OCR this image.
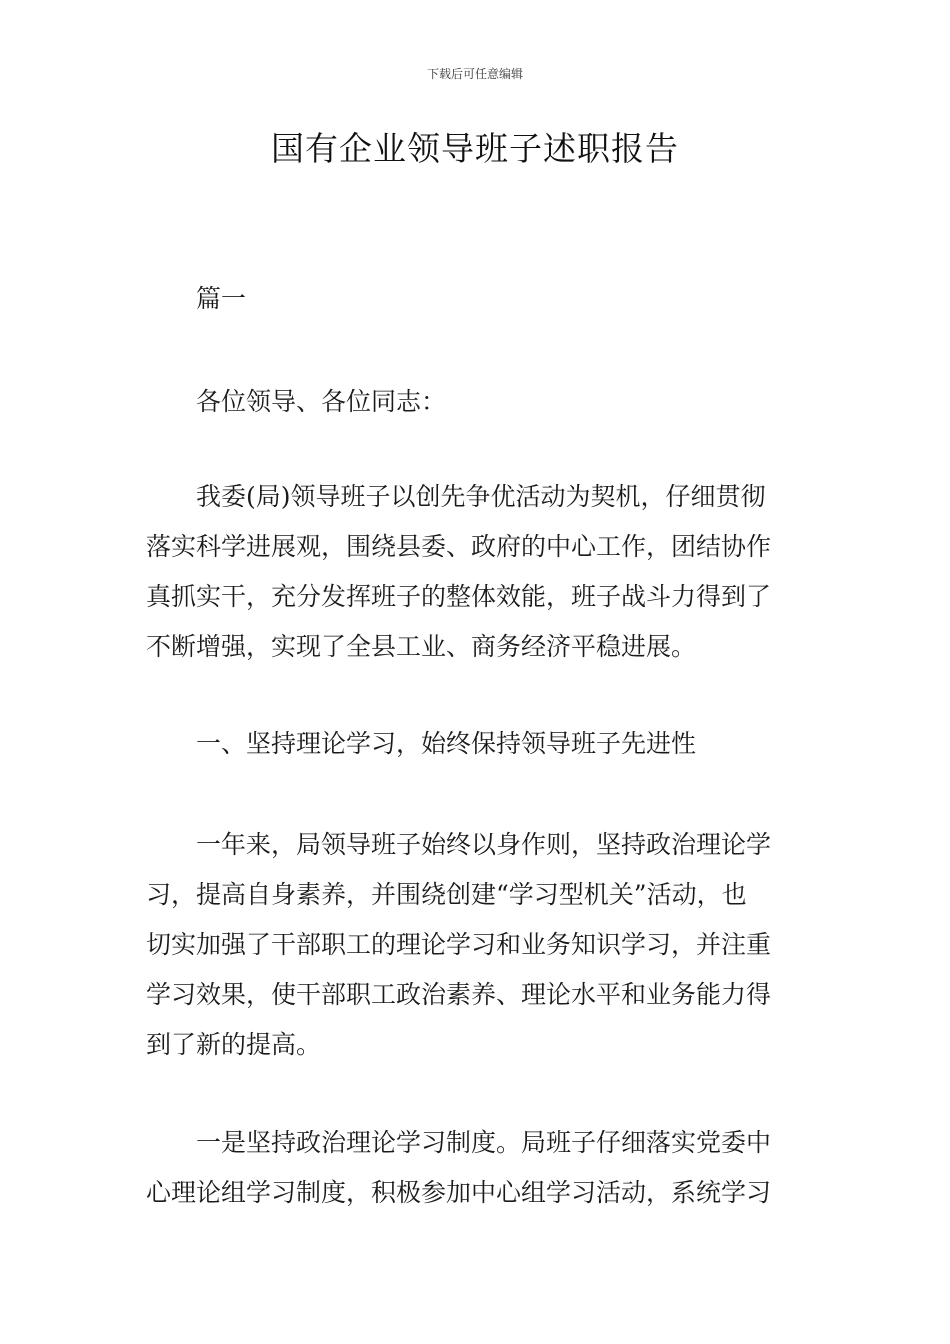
下载后可任意编辑
国有企业领导班子述职报告

篇一

各位领导、各位同志：

我委(局)领导班子以创先争优活动为契机，仔细贯彻
落实科学进展观，围绕县委、政府的中心工作，团结协作
真抓实干，充分发挥班子的整体效能，班子战斗力得到了
不断增强，实现了全县工业、商务经济平稳进展。

一、坚持理论学习，始终保持领导班子先进性

一年来，局领导班子始终以身作则，坚持政治理论学
习，提高自身素养，并围绕创建“学习型机关”活动，也
切实加强了干部职工的理论学习和业务知识学习，并注重
学习效果，使干部职工政治素养、理论水平和业务能力得
到了新的提高。

一是坚持政治理论学习制度。局班子仔细落实党委中
心理论组学习制度，积极参加中心组学习活动，系统学习
